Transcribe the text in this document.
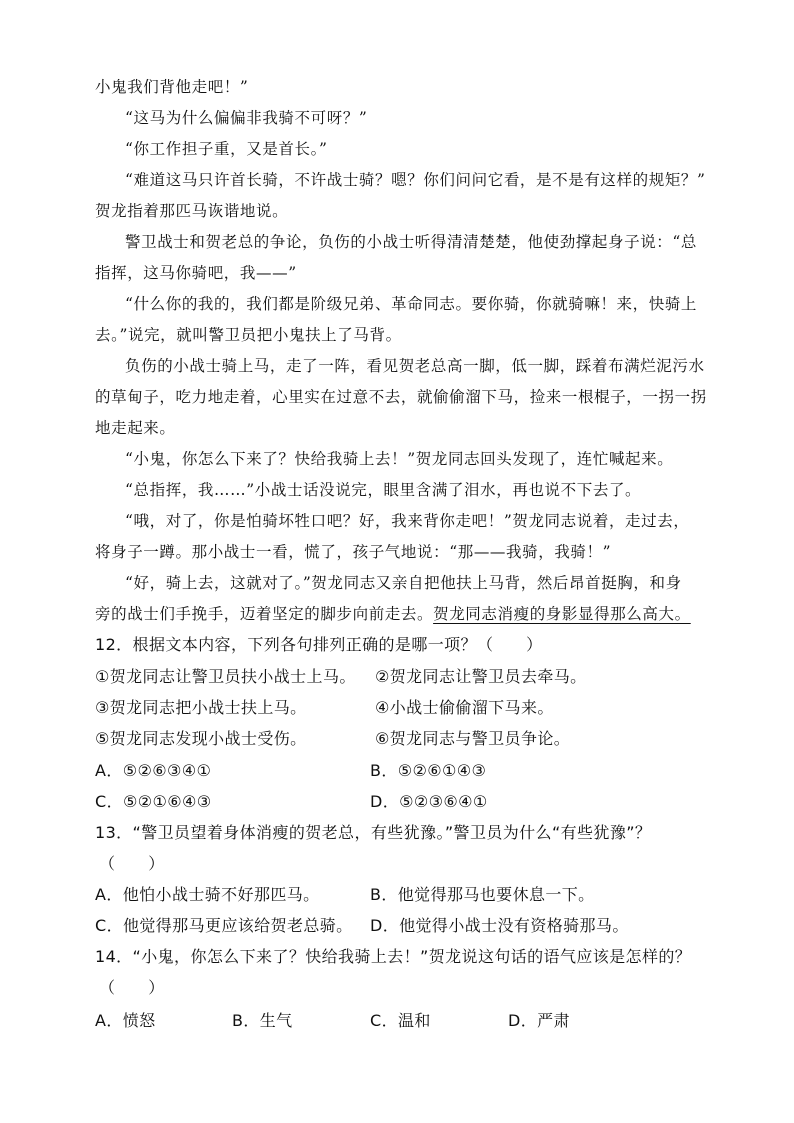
小鬼我们背他走吧！”
“这马为什么偏偏非我骑不可呀？”
“你工作担子重，又是首长。”
“难道这马只许首长骑，不许战士骑？嗯？你们问问它看，是不是有这样的规矩？”
贺龙指着那匹马诙谐地说。
警卫战士和贺老总的争论，负伤的小战士听得清清楚楚，他使劲撑起身子说：“总
指挥，这马你骑吧，我——”
“什么你的我的，我们都是阶级兄弟、革命同志。要你骑，你就骑嘛！来，快骑上
去。”说完，就叫警卫员把小鬼扶上了马背。
负伤的小战士骑上马，走了一阵，看见贺老总高一脚，低一脚，踩着布满烂泥污水
的草甸子，吃力地走着，心里实在过意不去，就偷偷溜下马，捡来一根棍子，一拐一拐
地走起来。
“小鬼，你怎么下来了？快给我骑上去！”贺龙同志回头发现了，连忙喊起来。
“总指挥，我……”小战士话没说完，眼里含满了泪水，再也说不下去了。
“哦，对了，你是怕骑坏牲口吧？好，我来背你走吧！”贺龙同志说着，走过去，
将身子一蹲。那小战士一看，慌了，孩子气地说：“那——我骑，我骑！”
“好，骑上去，这就对了。”贺龙同志又亲自把他扶上马背，然后昂首挺胸，和身
旁的战士们手挽手，迈着坚定的脚步向前走去。贺龙同志消瘦的身影显得那么高大。
12．根据文本内容，下列各句排列正确的是哪一项？（　　）
①贺龙同志让警卫员扶小战士上马。 ②贺龙同志让警卫员去牵马。
③贺龙同志把小战士扶上马。	④小战士偷偷溜下马来。
⑤贺龙同志发现小战士受伤。	⑥贺龙同志与警卫员争论。
A．⑤②⑥③④①	B．⑤②⑥①④③
C．⑤②①⑥④③	D．⑤②③⑥④①
13．“警卫员望着身体消瘦的贺老总，有些犹豫。”警卫员为什么“有些犹豫”？
（　　）
A．他怕小战士骑不好那匹马。	B．他觉得那马也要休息一下。
C．他觉得那马更应该给贺老总骑。 D．他觉得小战士没有资格骑那马。
14．“小鬼，你怎么下来了？快给我骑上去！”贺龙说这句话的语气应该是怎样的？
（　　）
A．愤怒	B．生气	C．温和	D．严肃
